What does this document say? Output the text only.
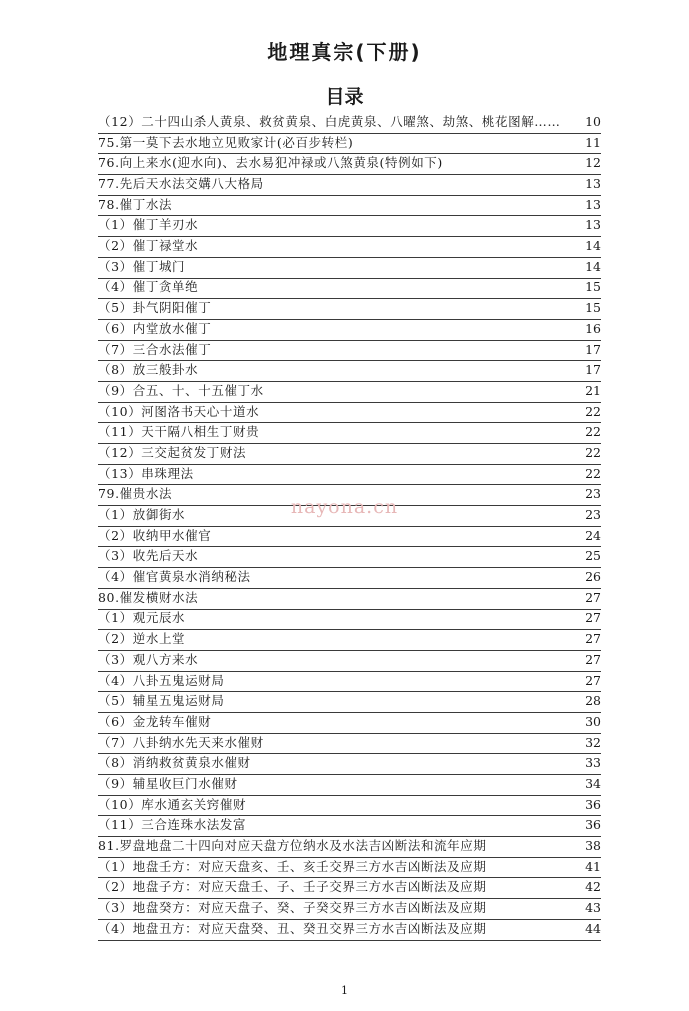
地理真宗(下册)
目录
（12）二十四山杀人黄泉、救贫黄泉、白虎黄泉、八曜煞、劫煞、桃花图解……	10
75.第一莫下去水地立见败家计(必百步转栏)	11
76.向上来水(迎水向)、去水易犯冲禄或八煞黄泉(特例如下)	12
77.先后天水法交媾八大格局	13
78.催丁水法	13
（1）催丁羊刃水	13
（2）催丁禄堂水	14
（3）催丁城门	14
（4）催丁贪单绝	15
（5）卦气阴阳催丁	15
（6）内堂放水催丁	16
（7）三合水法催丁	17
（8）放三般卦水	17
（9）合五、十、十五催丁水	21
（10）河图洛书天心十道水	22
（11）天干隔八相生丁财贵	22
（12）三交起贫发丁财法	22
（13）串珠理法	22
79.催贵水法	23
（1）放御街水	23
（2）收纳甲水催官	24
（3）收先后天水	25
（4）催官黄泉水消纳秘法	26
80.催发横财水法	27
（1）观元辰水	27
（2）逆水上堂	27
（3）观八方来水	27
（4）八卦五鬼运财局	27
（5）辅星五鬼运财局	28
（6）金龙转车催财	30
（7）八卦纳水先天来水催财	32
（8）消纳救贫黄泉水催财	33
（9）辅星收巨门水催财	34
（10）库水通玄关窍催财	36
（11）三合连珠水法发富	36
81.罗盘地盘二十四向对应天盘方位纳水及水法吉凶断法和流年应期	38
（1）地盘壬方：对应天盘亥、壬、亥壬交界三方水吉凶断法及应期	41
（2）地盘子方：对应天盘壬、子、壬子交界三方水吉凶断法及应期	42
（3）地盘癸方：对应天盘子、癸、子癸交界三方水吉凶断法及应期	43
（4）地盘丑方：对应天盘癸、丑、癸丑交界三方水吉凶断法及应期	44
nayona.cn
1
